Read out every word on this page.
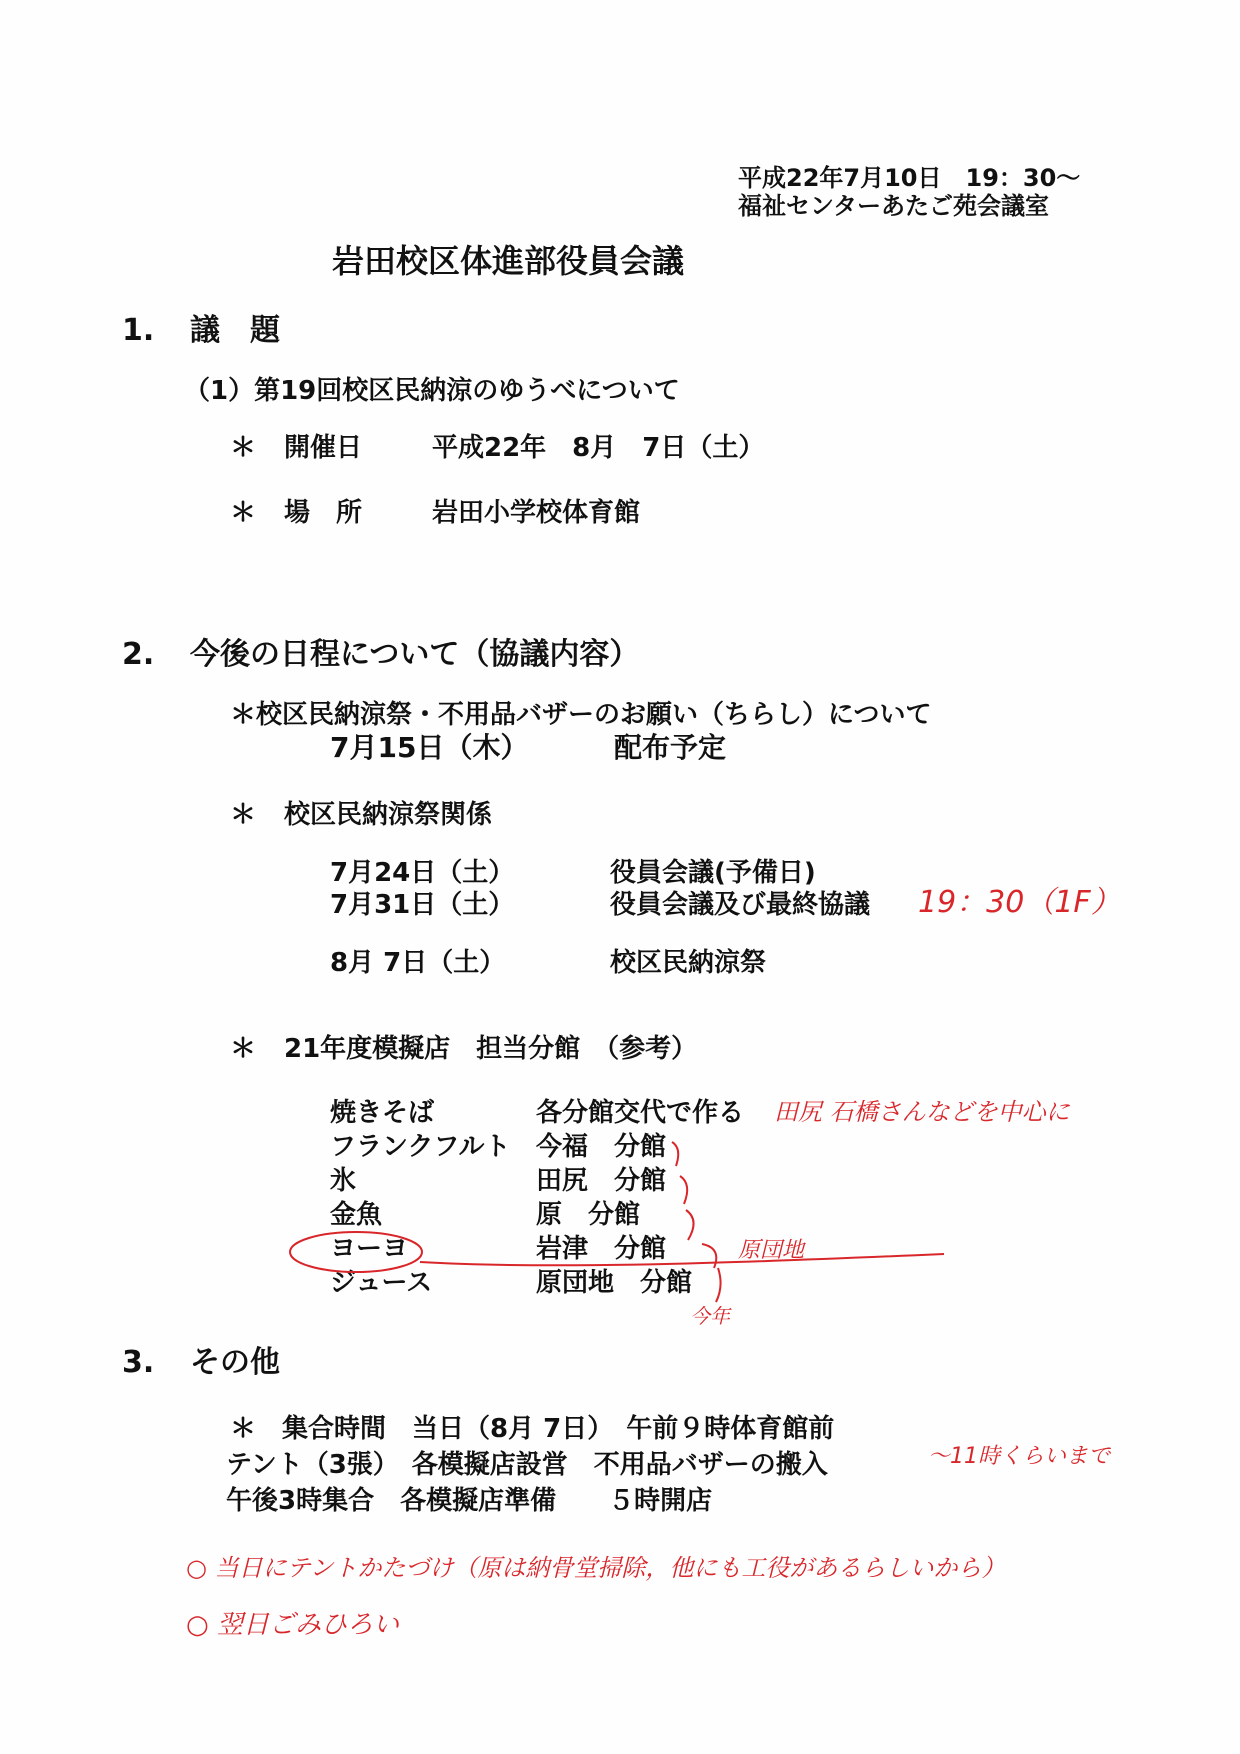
平成22年7月10日　19：30～
福祉センターあたご苑会議室
岩田校区体進部役員会議
1. 議　題
（1）第19回校区民納涼のゆうべについて
＊ 開催日	平成22年　8月　7日（土）
＊ 場　所	岩田小学校体育館
2. 今後の日程について（協議内容）
＊校区民納涼祭・不用品バザーのお願い（ちらし）について
7月15日（木）	配布予定
＊ 校区民納涼祭関係
7月24日（土）	役員会議(予備日)
7月31日（土）	役員会議及び最終協議
8月 7日（土）	校区民納涼祭
＊ 21年度模擬店　担当分館　（参考）
焼きそば	各分館交代で作る
フランクフルト 今福　分館
氷	田尻　分館
金魚	原　分館
ヨーヨ	岩津　分館
ジュース	原団地　分館
3. その他
＊　集合時間　当日（8月 7日）　午前９時体育館前
テント（3張）　各模擬店設営　不用品バザーの搬入
午後3時集合　各模擬店準備　　５時開店
19：30（1F）
田尻 石橋さんなどを中心に
原団地
今年
～11時くらいまで
○ 当日にテントかたづけ（原は納骨堂掃除，他にも工役があるらしいから）
○ 翌日ごみひろい
